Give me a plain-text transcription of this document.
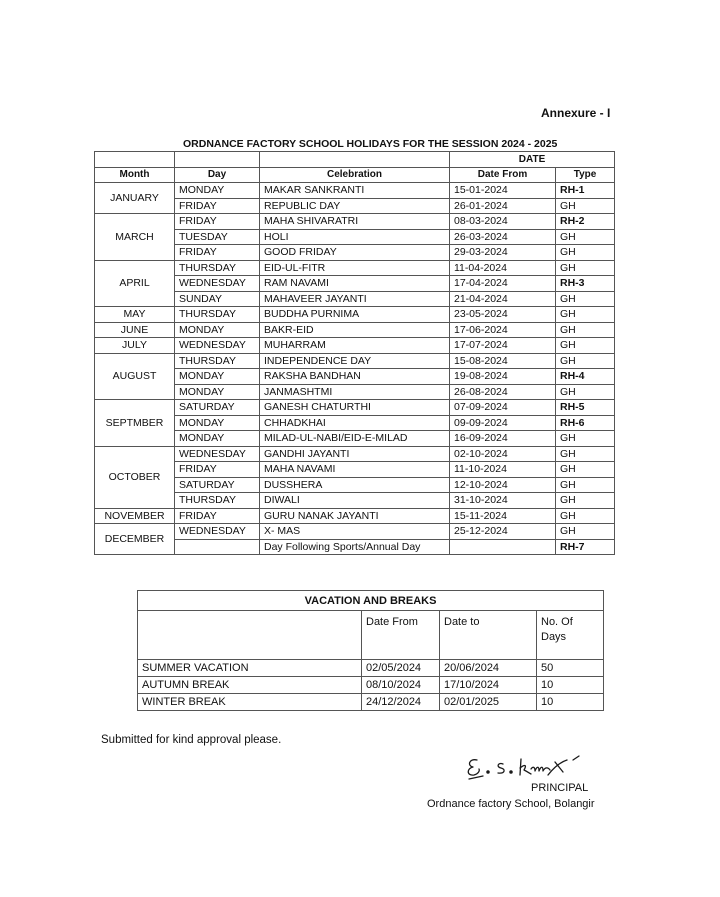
Annexure - I
ORDNANCE FACTORY SCHOOL HOLIDAYS FOR THE SESSION 2024 - 2025
			DATE	
Month	Day	Celebration	Date From	Type
JANUARY	MONDAY	MAKAR SANKRANTI	15-01-2024	RH-1
	FRIDAY	REPUBLIC DAY	26-01-2024	GH
MARCH	FRIDAY	MAHA SHIVARATRI	08-03-2024	RH-2
	TUESDAY	HOLI	26-03-2024	GH
	FRIDAY	GOOD FRIDAY	29-03-2024	GH
APRIL	THURSDAY	EID-UL-FITR	11-04-2024	GH
	WEDNESDAY	RAM NAVAMI	17-04-2024	RH-3
	SUNDAY	MAHAVEER JAYANTI	21-04-2024	GH
MAY	THURSDAY	BUDDHA PURNIMA	23-05-2024	GH
JUNE	MONDAY	BAKR-EID	17-06-2024	GH
JULY	WEDNESDAY	MUHARRAM	17-07-2024	GH
AUGUST	THURSDAY	INDEPENDENCE DAY	15-08-2024	GH
	MONDAY	RAKSHA BANDHAN	19-08-2024	RH-4
	MONDAY	JANMASHTMI	26-08-2024	GH
SEPTMBER	SATURDAY	GANESH CHATURTHI	07-09-2024	RH-5
	MONDAY	CHHADKHAI	09-09-2024	RH-6
	MONDAY	MILAD-UL-NABI/EID-E-MILAD	16-09-2024	GH
OCTOBER	WEDNESDAY	GANDHI JAYANTI	02-10-2024	GH
	FRIDAY	MAHA NAVAMI	11-10-2024	GH
	SATURDAY	DUSSHERA	12-10-2024	GH
	THURSDAY	DIWALI	31-10-2024	GH
NOVEMBER	FRIDAY	GURU NANAK JAYANTI	15-11-2024	GH
DECEMBER	WEDNESDAY	X- MAS	25-12-2024	GH
		Day Following Sports/Annual Day		RH-7
VACATION AND BREAKS			
	Date From	Date to	No. Of Days
SUMMER VACATION	02/05/2024	20/06/2024	50
AUTUMN BREAK	08/10/2024	17/10/2024	10
WINTER BREAK	24/12/2024	02/01/2025	10
Submitted for kind approval please.
PRINCIPAL
Ordnance factory School, Bolangir
